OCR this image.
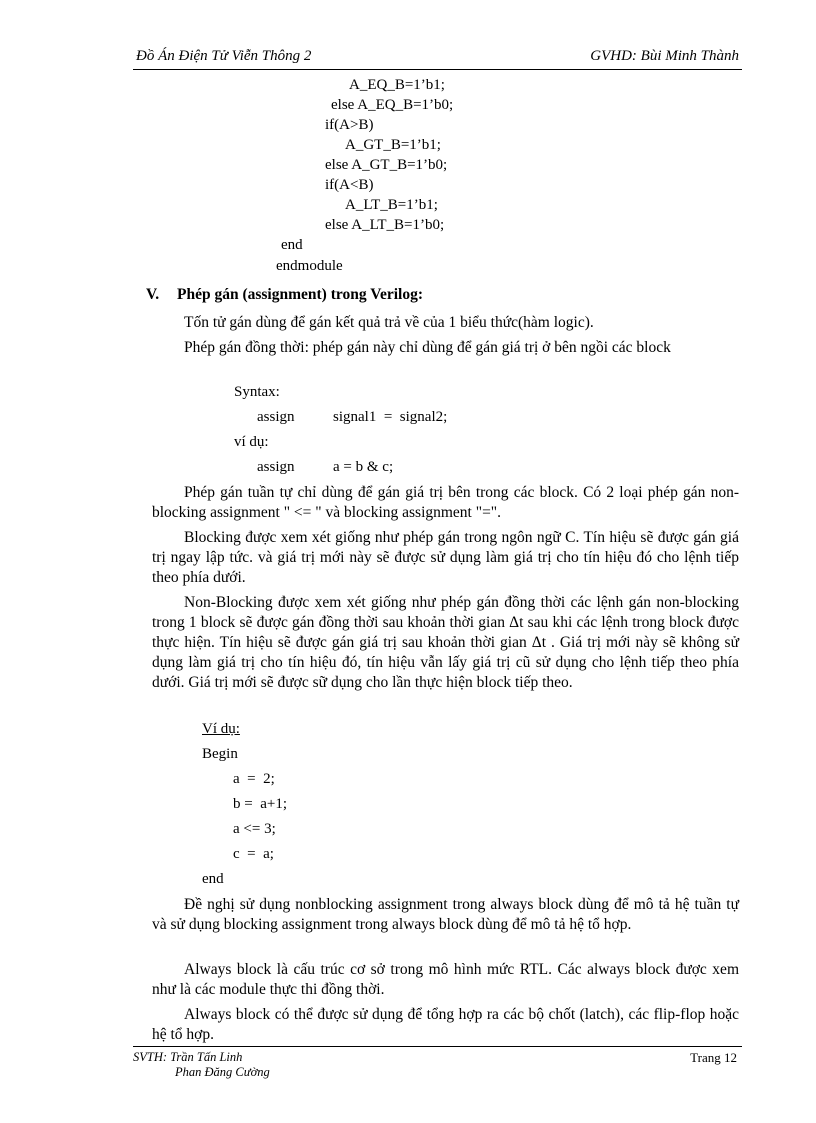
Đồ Án Điện Tử Viễn Thông 2	GVHD: Bùi Minh Thành
A_EQ_B=1’b1;
else A_EQ_B=1’b0;
if(A>B)
A_GT_B=1’b1;
else A_GT_B=1’b0;
if(A<B)
A_LT_B=1’b1;
else A_LT_B=1’b0;
end
endmodule
V. Phép gán (assignment) trong Verilog:
Tốn tử gán dùng để gán kết quả trả về của 1 biểu thức(hàm logic).
Phép gán đồng thời: phép gán này chỉ dùng để gán giá trị ở bên ngồi các block
Syntax:
assign	signal1  =  signal2;
ví dụ:
assign	a = b & c;
Phép gán tuần tự chỉ dùng để gán giá trị bên trong các block. Có 2 loại phép gán non-blocking assignment " <= " và blocking assignment "=".
Blocking được xem xét giống như phép gán trong ngôn ngữ C. Tín hiệu sẽ được gán giá trị ngay lập tức. và giá trị mới này sẽ được sử dụng làm giá trị cho tín hiệu đó cho lệnh tiếp theo phía dưới.
Non-Blocking được xem xét giống như phép gán đồng thời các lệnh gán non-blocking trong 1 block sẽ được gán đồng thời sau khoản thời gian Δt sau khi các lệnh trong block được thực hiện. Tín hiệu sẽ được gán giá trị sau khoản thời gian Δt . Giá trị mới này sẽ không sử dụng làm giá trị cho tín hiệu đó, tín hiệu vẫn lấy giá trị cũ sử dụng cho lệnh tiếp theo phía dưới. Giá trị mới sẽ được sữ dụng cho lần thực hiện block tiếp theo.
Ví dụ:
Begin
a  =  2;
b =  a+1;
a <= 3;
c  =  a;
end
Đề nghị sử dụng nonblocking assignment trong always block dùng để mô tả hệ tuần tự và sử dụng blocking assignment trong always block dùng để mô tả hệ tổ hợp.
Always block là cấu trúc cơ sở trong mô hình mức RTL. Các always block được xem như là các module thực thi đồng thời.
Always block có thể được sử dụng để tổng hợp ra các bộ chốt (latch), các flip-flop hoặc hệ tổ hợp.
SVTH: Trần Tấn Linh
Phan Đăng Cường
Trang 12
